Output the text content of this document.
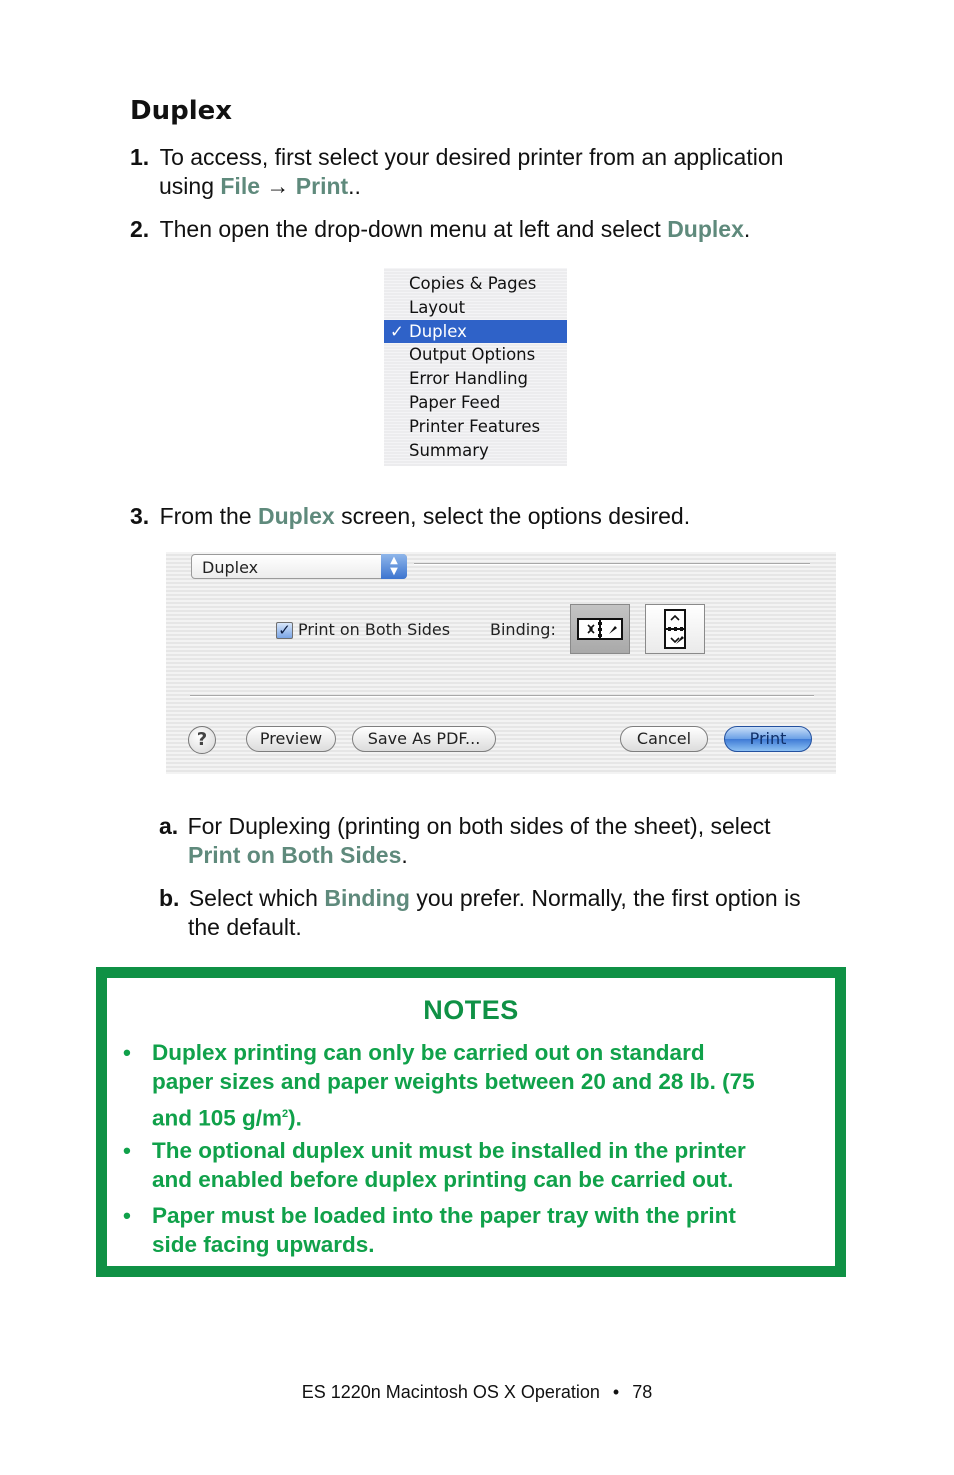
Duplex
1. To access, first select your desired printer from an application
using File → Print..
2. Then open the drop-down menu at left and select Duplex.
Copies & Pages
Layout
✓ Duplex
Output Options
Error Handling
Paper Feed
Printer Features
Summary
3. From the Duplex screen, select the options desired.
Duplex	▲
▼
✓ Print on Both Sides Binding:
?	Preview	Save As PDF...	Cancel	Print
a. For Duplexing (printing on both sides of the sheet), select
Print on Both Sides.
b. Select which Binding you prefer. Normally, the first option is
the default.
NOTES
• Duplex printing can only be carried out on standard
paper sizes and paper weights between 20 and 28 lb. (75
and 105 $g/m^2$).
• The optional duplex unit must be installed in the printer
and enabled before duplex printing can be carried out.
• Paper must be loaded into the paper tray with the print
side facing upwards.
ES 1220n Macintosh OS X Operation • 78
